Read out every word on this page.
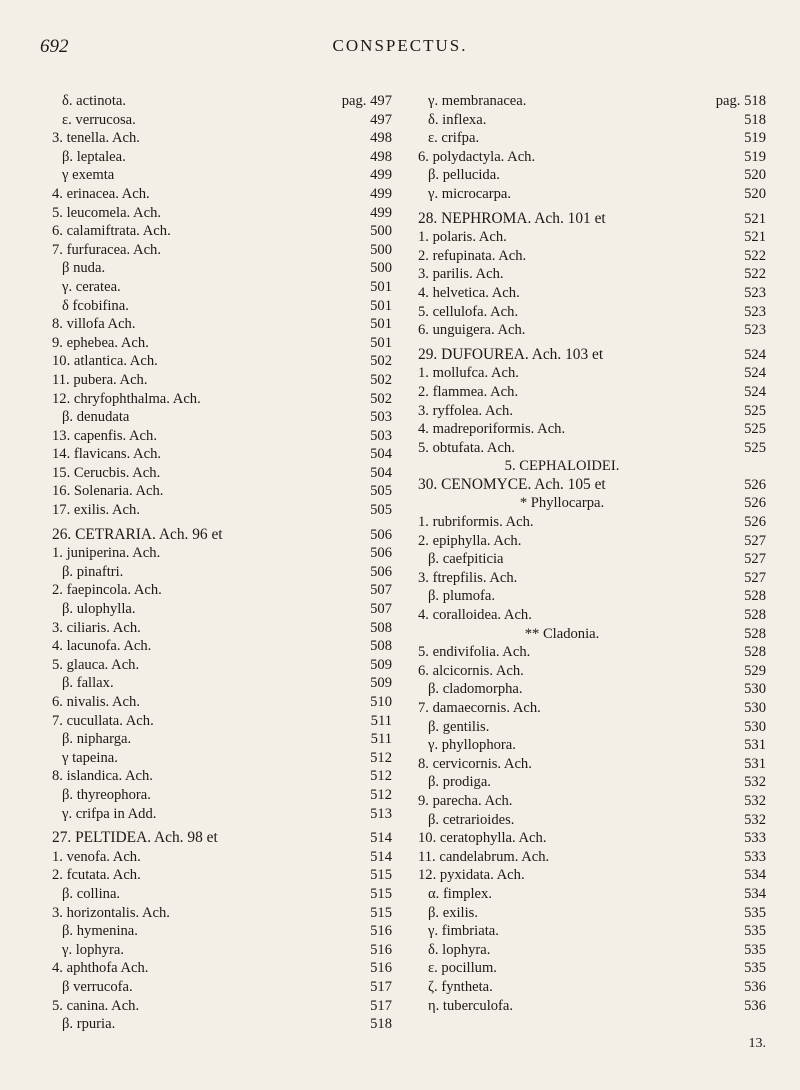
692	CONSPECTUS.
δ. actinota.	pag. 497
ε. verrucosa.	497
3. tenella. Ach.	498
β. leptalea.	498
γ exemta	499
4. erinacea. Ach.	499
5. leucomela. Ach.	499
6. calamiftrata. Ach.	500
7. furfuracea. Ach.	500
β nuda.	500
γ. ceratea.	501
δ fcobifina.	501
8. villofa Ach.	501
9. ephebea. Ach.	501
10. atlantica. Ach.	502
11. pubera. Ach.	502
12. chryfophthalma. Ach.	502
β. denudata	503
13. capenfis. Ach.	503
14. flavicans. Ach.	504
15. Cerucbis. Ach.	504
16. Solenaria. Ach.	505
17. exilis. Ach.	505
26. CETRARIA. Ach. 96 et	506
1. juniperina. Ach.	506
β. pinaftri.	506
2. faepincola. Ach.	507
β. ulophylla.	507
3. ciliaris. Ach.	508
4. lacunofa. Ach.	508
5. glauca. Ach.	509
β. fallax.	509
6. nivalis. Ach.	510
7. cucullata. Ach.	511
β. nipharga.	511
γ tapeina.	512
8. islandica. Ach.	512
β. thyreophora.	512
γ. crifpa in Add.	513
27. PELTIDEA. Ach. 98 et	514
1. venofa. Ach.	514
2. fcutata. Ach.	515
β. collina.	515
3. horizontalis. Ach.	515
β. hymenina.	516
γ. lophyra.	516
4. aphthofa Ach.	516
β verrucofa.	517
5. canina. Ach.	517
β. rpuria.	518
γ. membranacea.	pag. 518
δ. inflexa.	518
ε. crifpa.	519
6. polydactyla. Ach.	519
β. pellucida.	520
γ. microcarpa.	520
28. NEPHROMA. Ach. 101 et	521
1. polaris. Ach.	521
2. refupinata. Ach.	522
3. parilis. Ach.	522
4. helvetica. Ach.	523
5. cellulofa. Ach.	523
6. unguigera. Ach.	523
29. DUFOUREA. Ach. 103 et	524
1. mollufca. Ach.	524
2. flammea. Ach.	524
3. ryffolea. Ach.	525
4. madreporiformis. Ach.	525
5. obtufata. Ach.	525
5. CEPHALOIDEI.
30. CENOMYCE. Ach. 105 et	526
* Phyllocarpa.	526
1. rubriformis. Ach.	526
2. epiphylla. Ach.	527
β. caefpiticia	527
3. ftrepfilis. Ach.	527
β. plumofa.	528
4. coralloidea. Ach.	528
** Cladonia.	528
5. endivifolia. Ach.	528
6. alcicornis. Ach.	529
β. cladomorpha.	530
7. damaecornis. Ach.	530
β. gentilis.	530
γ. phyllophora.	531
8. cervicornis. Ach.	531
β. prodiga.	532
9. parecha. Ach.	532
β. cetrarioides.	532
10. ceratophylla. Ach.	533
11. candelabrum. Ach.	533
12. pyxidata. Ach.	534
α. fimplex.	534
β. exilis.	535
γ. fimbriata.	535
δ. lophyra.	535
ε. pocillum.	535
ζ. fyntheta.	536
η. tuberculofa.	536
13.
